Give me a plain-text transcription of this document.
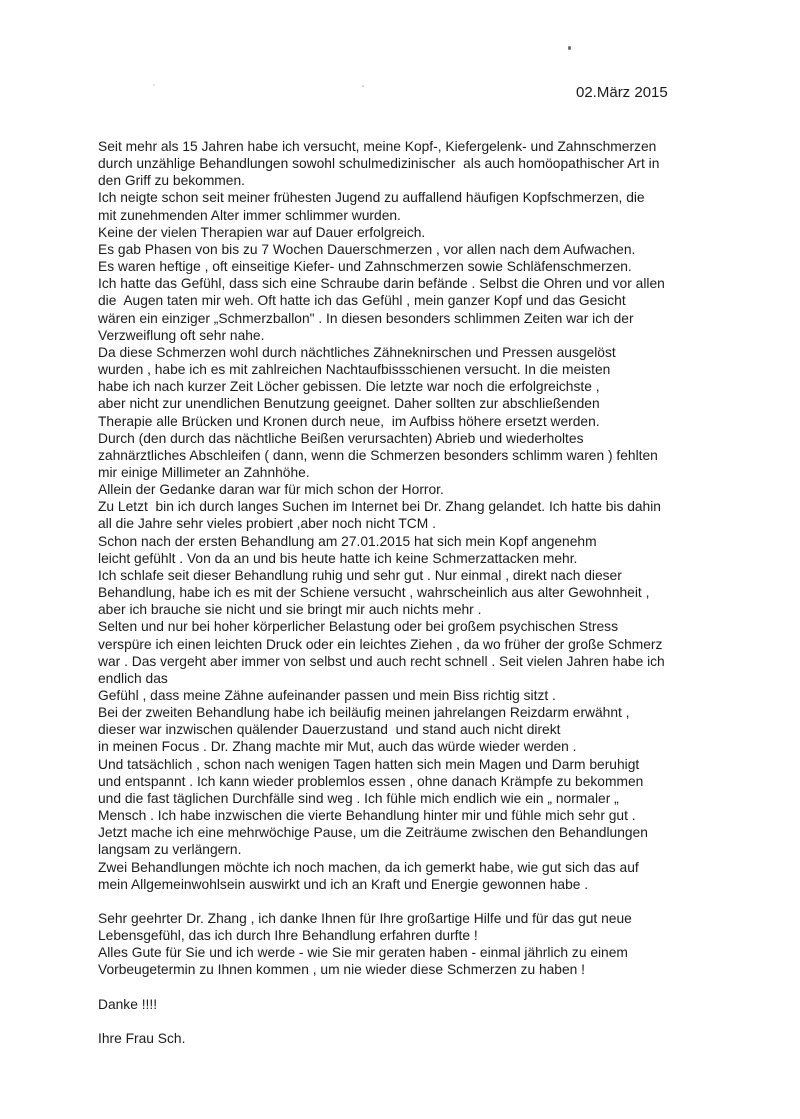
02.März 2015
Seit mehr als 15 Jahren habe ich versucht, meine Kopf-, Kiefergelenk- und Zahnschmerzen
durch unzählige Behandlungen sowohl schulmedizinischer  als auch homöopathischer Art in
den Griff zu bekommen.
Ich neigte schon seit meiner frühesten Jugend zu auffallend häufigen Kopfschmerzen, die
mit zunehmenden Alter immer schlimmer wurden.
Keine der vielen Therapien war auf Dauer erfolgreich.
Es gab Phasen von bis zu 7 Wochen Dauerschmerzen , vor allen nach dem Aufwachen.
Es waren heftige , oft einseitige Kiefer- und Zahnschmerzen sowie Schläfenschmerzen.
Ich hatte das Gefühl, dass sich eine Schraube darin befände . Selbst die Ohren und vor allen
die  Augen taten mir weh. Oft hatte ich das Gefühl , mein ganzer Kopf und das Gesicht
wären ein einziger „Schmerzballon" . In diesen besonders schlimmen Zeiten war ich der
Verzweiflung oft sehr nahe.
Da diese Schmerzen wohl durch nächtliches Zähneknirschen und Pressen ausgelöst
wurden , habe ich es mit zahlreichen Nachtaufbissschienen versucht. In die meisten
habe ich nach kurzer Zeit Löcher gebissen. Die letzte war noch die erfolgreichste ,
aber nicht zur unendlichen Benutzung geeignet. Daher sollten zur abschließenden
Therapie alle Brücken und Kronen durch neue,  im Aufbiss höhere ersetzt werden.
Durch (den durch das nächtliche Beißen verursachten) Abrieb und wiederholtes
zahnärztliches Abschleifen ( dann, wenn die Schmerzen besonders schlimm waren ) fehlten
mir einige Millimeter an Zahnhöhe.
Allein der Gedanke daran war für mich schon der Horror.
Zu Letzt  bin ich durch langes Suchen im Internet bei Dr. Zhang gelandet. Ich hatte bis dahin
all die Jahre sehr vieles probiert ,aber noch nicht TCM .
Schon nach der ersten Behandlung am 27.01.2015 hat sich mein Kopf angenehm
leicht gefühlt . Von da an und bis heute hatte ich keine Schmerzattacken mehr.
Ich schlafe seit dieser Behandlung ruhig und sehr gut . Nur einmal , direkt nach dieser
Behandlung, habe ich es mit der Schiene versucht , wahrscheinlich aus alter Gewohnheit ,
aber ich brauche sie nicht und sie bringt mir auch nichts mehr .
Selten und nur bei hoher körperlicher Belastung oder bei großem psychischen Stress
verspüre ich einen leichten Druck oder ein leichtes Ziehen , da wo früher der große Schmerz
war . Das vergeht aber immer von selbst und auch recht schnell . Seit vielen Jahren habe ich
endlich das
Gefühl , dass meine Zähne aufeinander passen und mein Biss richtig sitzt .
Bei der zweiten Behandlung habe ich beiläufig meinen jahrelangen Reizdarm erwähnt ,
dieser war inzwischen quälender Dauerzustand  und stand auch nicht direkt
in meinen Focus . Dr. Zhang machte mir Mut, auch das würde wieder werden .
Und tatsächlich , schon nach wenigen Tagen hatten sich mein Magen und Darm beruhigt
und entspannt . Ich kann wieder problemlos essen , ohne danach Krämpfe zu bekommen
und die fast täglichen Durchfälle sind weg . Ich fühle mich endlich wie ein „ normaler „
Mensch . Ich habe inzwischen die vierte Behandlung hinter mir und fühle mich sehr gut .
Jetzt mache ich eine mehrwöchige Pause, um die Zeiträume zwischen den Behandlungen
langsam zu verlängern.
Zwei Behandlungen möchte ich noch machen, da ich gemerkt habe, wie gut sich das auf
mein Allgemeinwohlsein auswirkt und ich an Kraft und Energie gewonnen habe .
Sehr geehrter Dr. Zhang , ich danke Ihnen für Ihre großartige Hilfe und für das gut neue
Lebensgefühl, das ich durch Ihre Behandlung erfahren durfte !
Alles Gute für Sie und ich werde - wie Sie mir geraten haben - einmal jährlich zu einem
Vorbeugetermin zu Ihnen kommen , um nie wieder diese Schmerzen zu haben !
Danke !!!!
Ihre Frau Sch.
